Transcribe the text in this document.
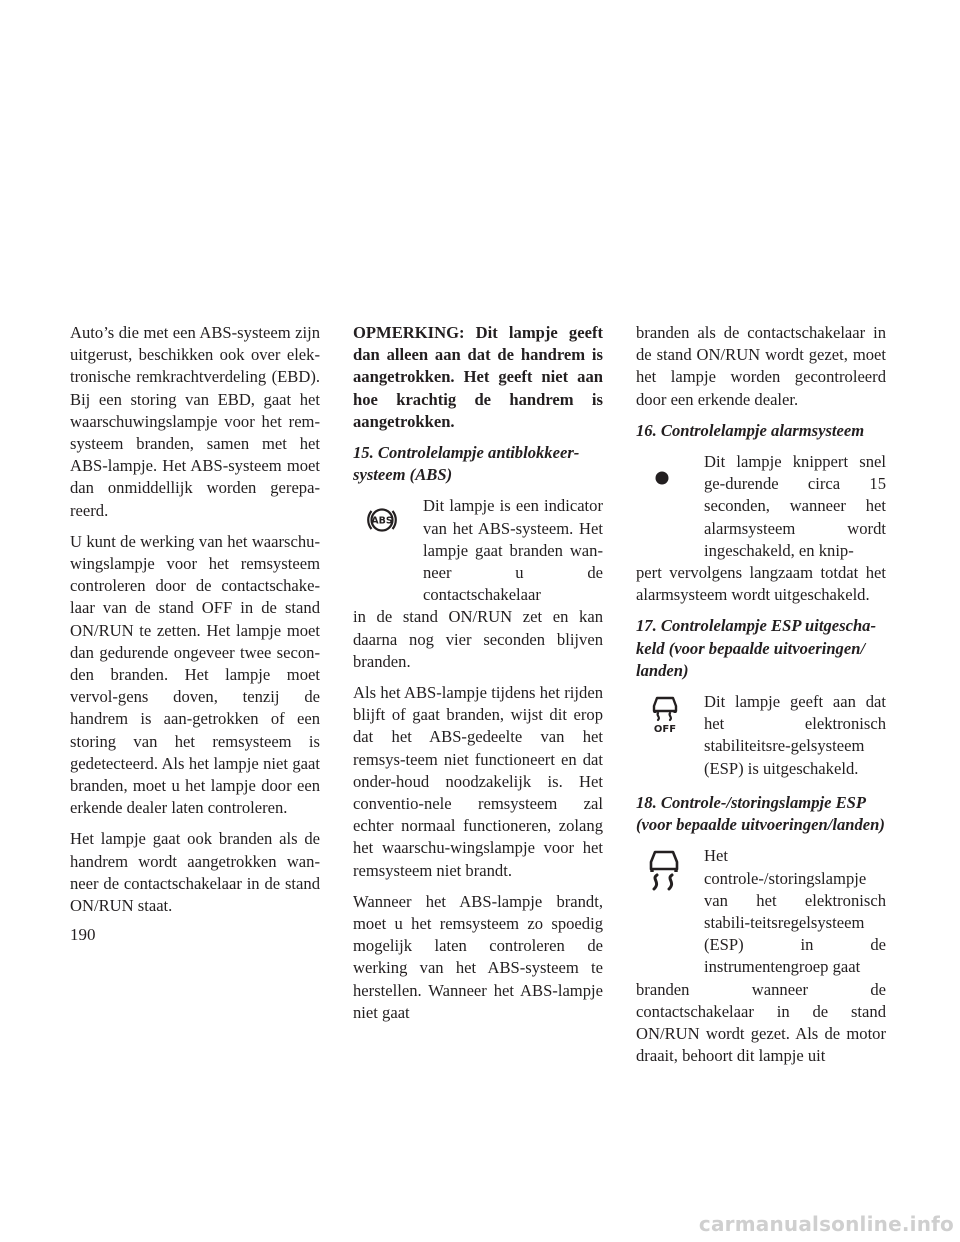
Auto’s die met een ABS-systeem zijn uitgerust, beschikken ook over elek-tronische remkrachtverdeling (EBD). Bij een storing van EBD, gaat het waarschuwingslampje voor het rem-systeem branden, samen met het ABS-lampje. Het ABS-systeem moet dan onmiddellijk worden gerepa-reerd.

U kunt de werking van het waarschu-wingslampje voor het remsysteem controleren door de contactschake-laar van de stand OFF in de stand ON/RUN te zetten. Het lampje moet dan gedurende ongeveer twee secon-den branden. Het lampje moet vervol-gens doven, tenzij de handrem is aan-getrokken of een storing van het remsysteem is gedetecteerd. Als het lampje niet gaat branden, moet u het lampje door een erkende dealer laten controleren.

Het lampje gaat ook branden als de handrem wordt aangetrokken wan-neer de contactschakelaar in de stand ON/RUN staat.

OPMERKING: Dit lampje geeft dan alleen aan dat de handrem is aangetrokken. Het geeft niet aan hoe krachtig de handrem is aangetrokken.

15. Controlelampje antiblokkeer-systeem (ABS)
ABS

Dit lampje is een indicator van het ABS-systeem. Het lampje gaat branden wan-neer u de contactschakelaar

in de stand ON/RUN zet en kan daarna nog vier seconden blijven branden.

Als het ABS-lampje tijdens het rijden blijft of gaat branden, wijst dit erop dat het ABS-gedeelte van het remsys-teem niet functioneert en dat onder-houd noodzakelijk is. Het conventio-nele remsysteem zal echter normaal functioneren, zolang het waarschu-wingslampje voor het remsysteem niet brandt.

Wanneer het ABS-lampje brandt, moet u het remsysteem zo spoedig mogelijk laten controleren de werking van het ABS-systeem te herstellen. Wanneer het ABS-lampje niet gaat

branden als de contactschakelaar in de stand ON/RUN wordt gezet, moet het lampje worden gecontroleerd door een erkende dealer.

16. Controlelampje alarmsysteem

Dit lampje knippert snel ge-durende circa 15 seconden, wanneer het alarmsysteem wordt ingeschakeld, en knip-

pert vervolgens langzaam totdat het alarmsysteem wordt uitgeschakeld.

17. Controlelampje ESP uitgescha-keld (voor bepaalde uitvoeringen/ landen)
OFF

Dit lampje geeft aan dat het elektronisch stabiliteitsre-gelsysteem (ESP) is uitgeschakeld.

18. Controle-/storingslampje ESP (voor bepaalde uitvoeringen/landen)

Het controle-/storingslampje van het elektronisch stabili-teitsregelsysteem (ESP) in de instrumentengroep gaat

branden wanneer de contactschakelaar in de stand ON/RUN wordt gezet. Als de motor draait, behoort dit lampje uit

190
carmanualsonline.info
